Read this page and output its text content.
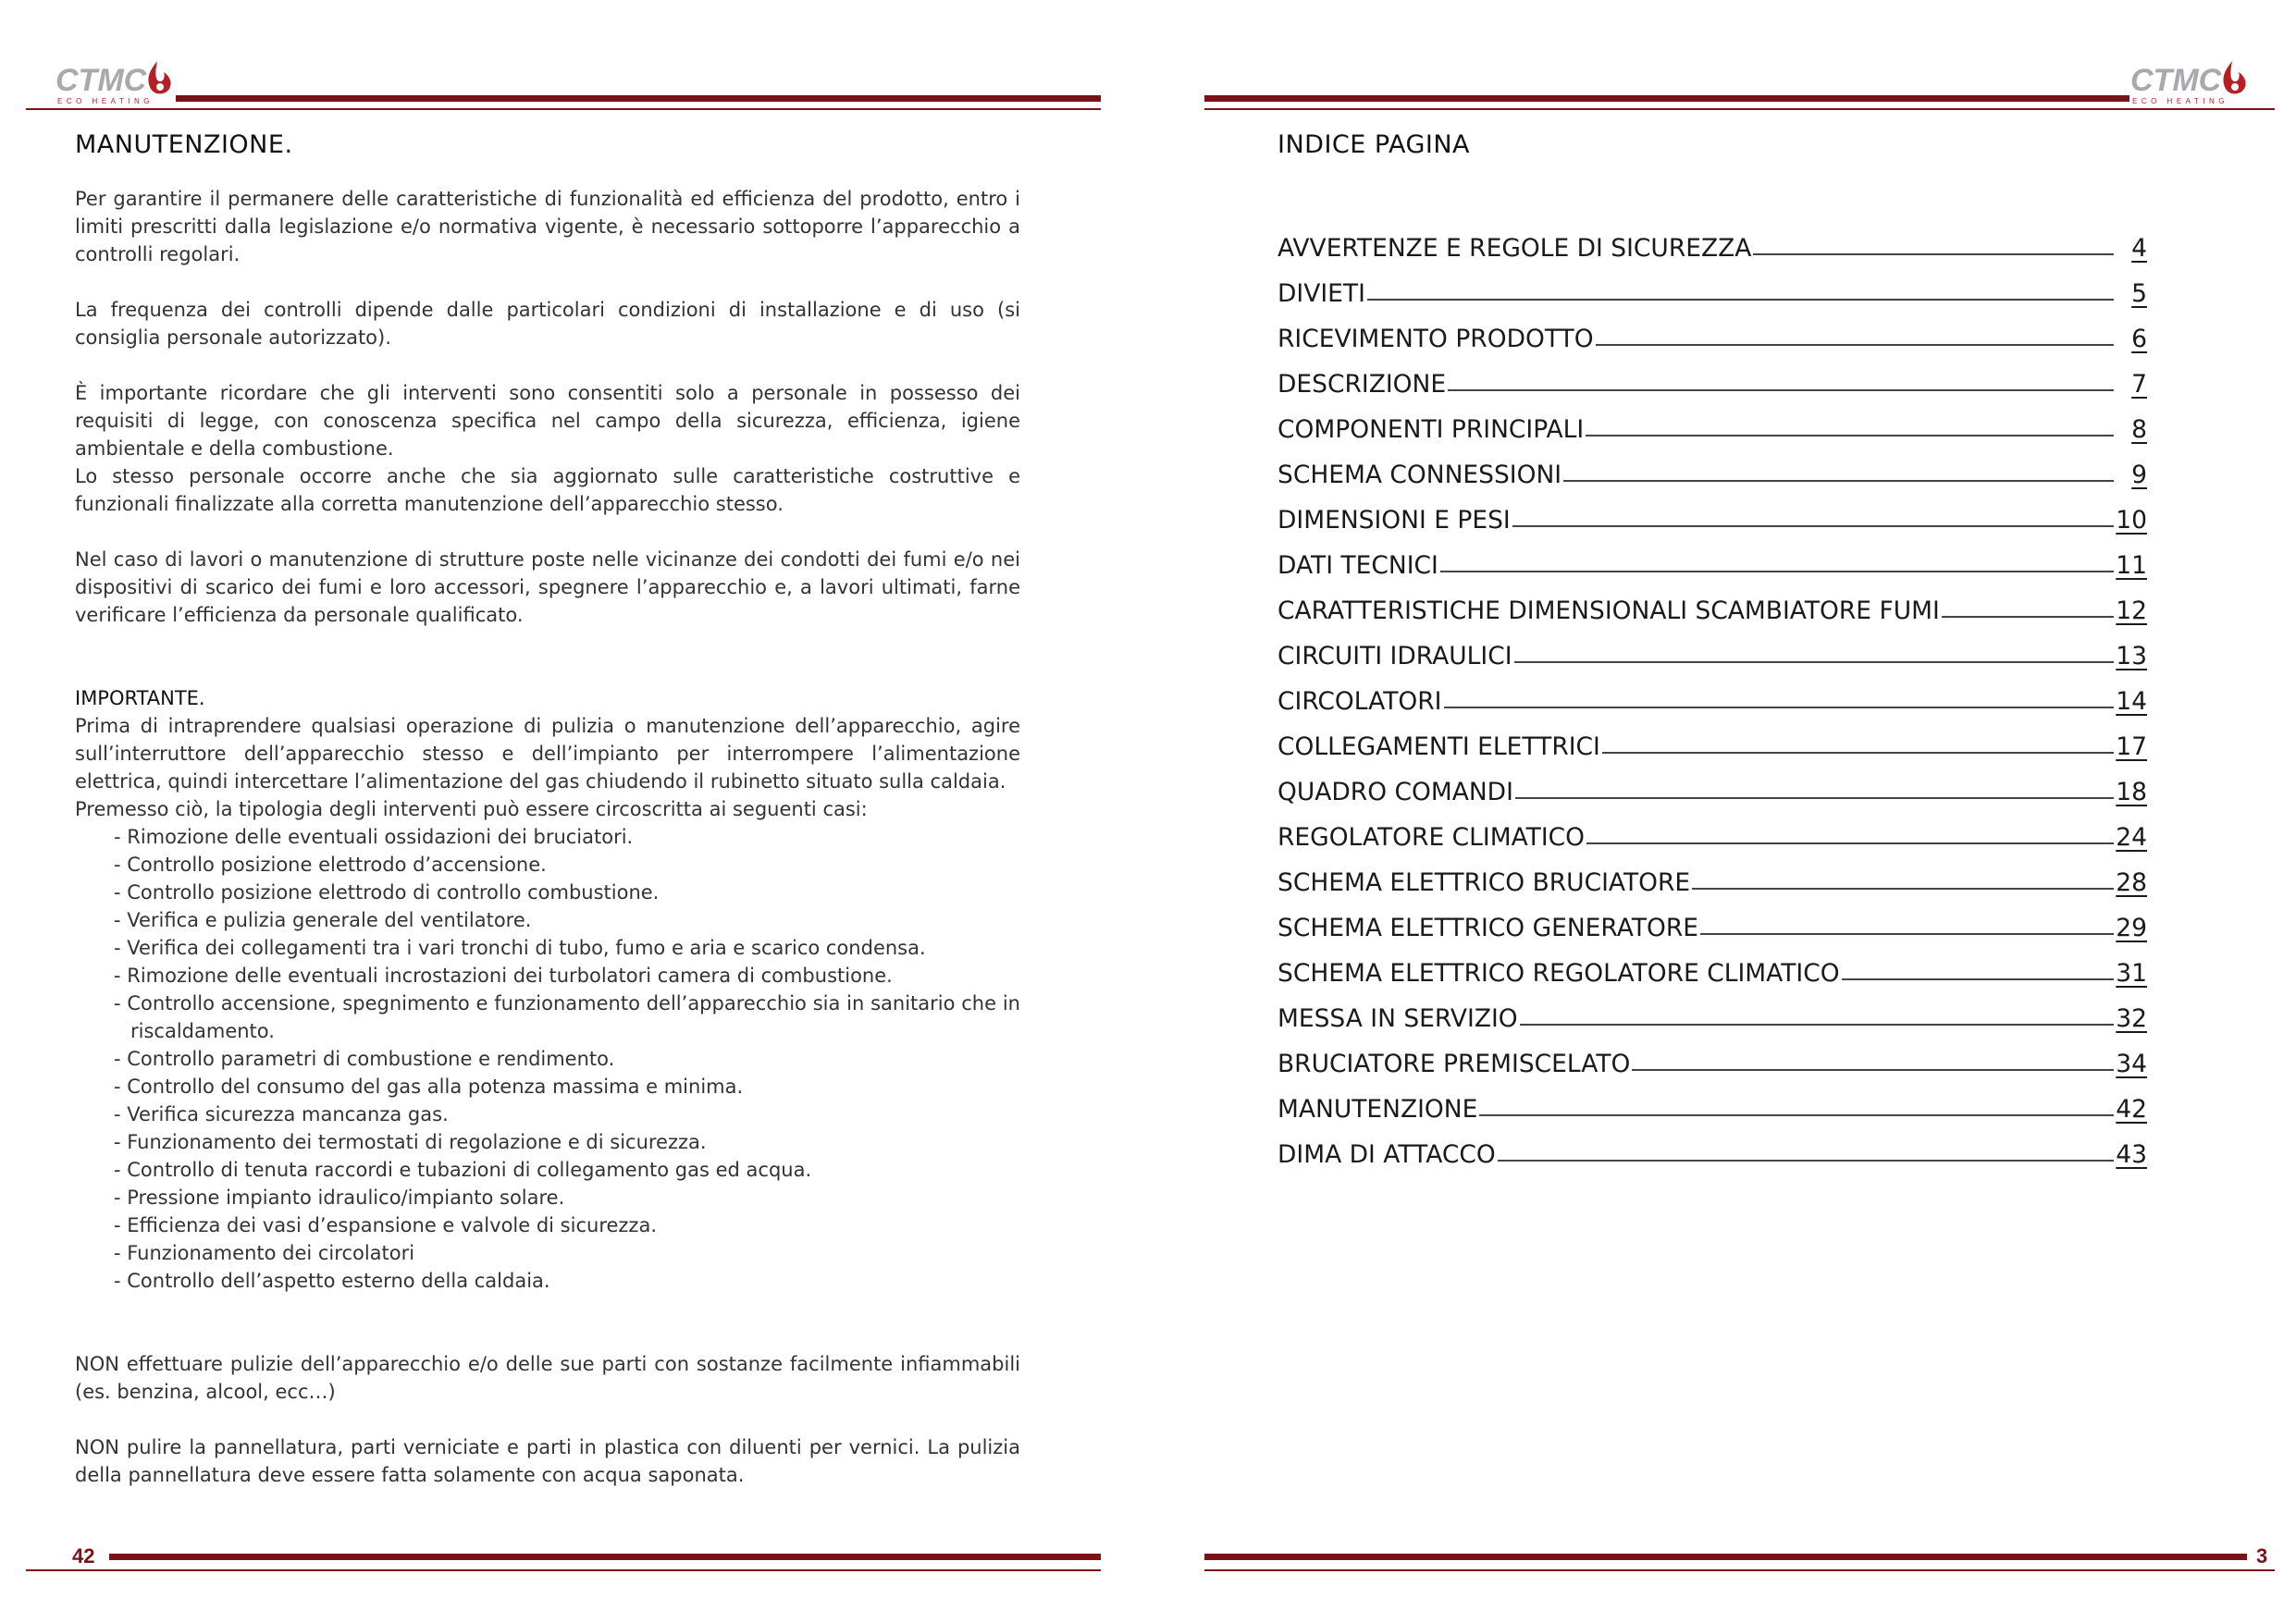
CTMC
ECO HEATING
MANUTENZIONE.

Per garantire il permanere delle caratteristiche di funzionalità ed efficienza del prodotto, entro i limiti prescritti dalla legislazione e/o normativa vigente, è necessario sottoporre l’apparecchio a controlli regolari.

La frequenza dei controlli dipende dalle particolari condizioni di installazione e di uso (si consiglia personale autorizzato).

È importante ricordare che gli interventi sono consentiti solo a personale in possesso dei requisiti di legge, con conoscenza specifica nel campo della sicurezza, efficienza, igiene ambientale e della combustione.

Lo stesso personale occorre anche che sia aggiornato sulle caratteristiche costruttive e funzionali finalizzate alla corretta manutenzione dell’apparecchio stesso.

Nel caso di lavori o manutenzione di strutture poste nelle vicinanze dei condotti dei fumi e/o nei dispositivi di scarico dei fumi e loro accessori, spegnere l’apparecchio e, a lavori ultimati, farne verificare l’efficienza da personale qualificato.

IMPORTANTE.

Prima di intraprendere qualsiasi operazione di pulizia o manutenzione dell’apparecchio, agire sull’interruttore dell’apparecchio stesso e dell’impianto per interrompere l’alimentazione elettrica, quindi intercettare l’alimentazione del gas chiudendo il rubinetto situato sulla caldaia.

Premesso ciò, la tipologia degli interventi può essere circoscritta ai seguenti casi:

- Rimozione delle eventuali ossidazioni dei bruciatori.
- Controllo posizione elettrodo d’accensione.
- Controllo posizione elettrodo di controllo combustione.
- Verifica e pulizia generale del ventilatore.
- Verifica dei collegamenti tra i vari tronchi di tubo, fumo e aria e scarico condensa.
- Rimozione delle eventuali incrostazioni dei turbolatori camera di combustione.
- Controllo accensione, spegnimento e funzionamento dell’apparecchio sia in sanitario che in riscaldamento.
- Controllo parametri di combustione e rendimento.
- Controllo del consumo del gas alla potenza massima e minima.
- Verifica sicurezza mancanza gas.
- Funzionamento dei termostati di regolazione e di sicurezza.
- Controllo di tenuta raccordi e tubazioni di collegamento gas ed acqua.
- Pressione impianto idraulico/impianto solare.
- Efficienza dei vasi d’espansione e valvole di sicurezza.
- Funzionamento dei circolatori
- Controllo dell’aspetto esterno della caldaia.

NON effettuare pulizie dell’apparecchio e/o delle sue parti con sostanze facilmente infiammabili (es. benzina, alcool, ecc…)

NON pulire la pannellatura, parti verniciate e parti in plastica con diluenti per vernici. La pulizia della pannellatura deve essere fatta solamente con acqua saponata.

42
CTMC
ECO HEATING
INDICE PAGINA
AVVERTENZE E REGOLE DI SICUREZZA	4
DIVIETI	5
RICEVIMENTO PRODOTTO	6
DESCRIZIONE	7
COMPONENTI PRINCIPALI	8
SCHEMA CONNESSIONI	9
DIMENSIONI E PESI	10
DATI TECNICI	11
CARATTERISTICHE DIMENSIONALI SCAMBIATORE FUMI	12
CIRCUITI IDRAULICI	13
CIRCOLATORI	14
COLLEGAMENTI ELETTRICI	17
QUADRO COMANDI	18
REGOLATORE CLIMATICO	24
SCHEMA ELETTRICO BRUCIATORE	28
SCHEMA ELETTRICO GENERATORE	29
SCHEMA ELETTRICO REGOLATORE CLIMATICO	31
MESSA IN SERVIZIO	32
BRUCIATORE PREMISCELATO	34
MANUTENZIONE	42
DIMA DI ATTACCO	43
3
